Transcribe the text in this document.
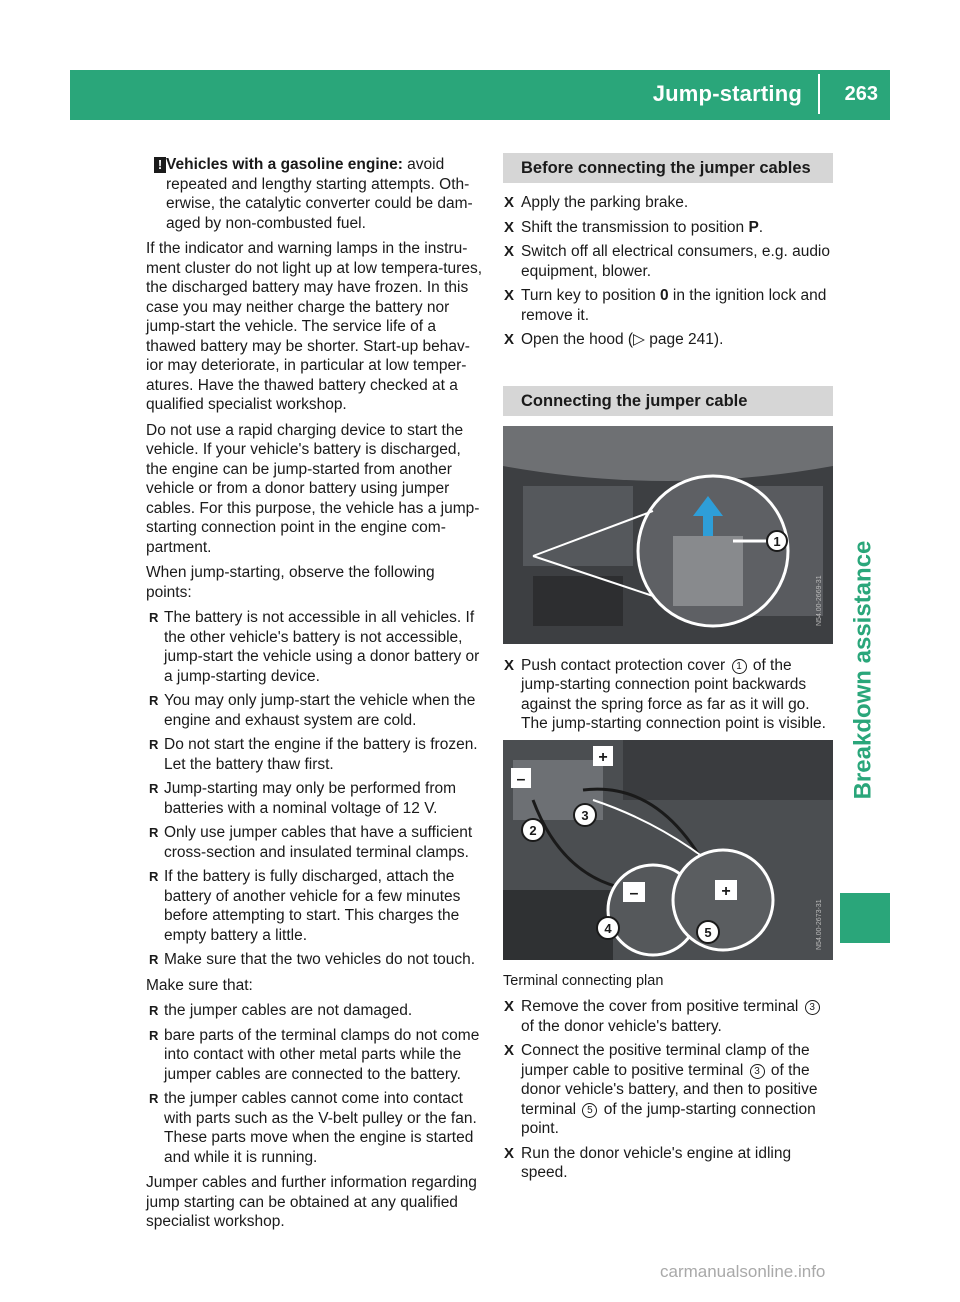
Jump-starting	263
Breakdown assistance
! Vehicles with a gasoline engine: avoid repeated and lengthy starting attempts. Oth-erwise, the catalytic converter could be dam-aged by non-combusted fuel.

If the indicator and warning lamps in the instru-ment cluster do not light up at low tempera-tures, the discharged battery may have frozen. In this case you may neither charge the battery nor jump-start the vehicle. The service life of a thawed battery may be shorter. Start-up behav-ior may deteriorate, in particular at low temper-atures. Have the thawed battery checked at a qualified specialist workshop.

Do not use a rapid charging device to start the vehicle. If your vehicle's battery is discharged, the engine can be jump-started from another vehicle or from a donor battery using jumper cables. For this purpose, the vehicle has a jump-starting connection point in the engine com-partment.

When jump-starting, observe the following points:

R The battery is not accessible in all vehicles. If the other vehicle's battery is not accessible, jump-start the vehicle using a donor battery or a jump-starting device.
R You may only jump-start the vehicle when the engine and exhaust system are cold.
R Do not start the engine if the battery is frozen. Let the battery thaw first.
R Jump-starting may only be performed from batteries with a nominal voltage of 12 V.
R Only use jumper cables that have a sufficient cross-section and insulated terminal clamps.
R If the battery is fully discharged, attach the battery of another vehicle for a few minutes before attempting to start. This charges the empty battery a little.
R Make sure that the two vehicles do not touch.

Make sure that:

R the jumper cables are not damaged.
R bare parts of the terminal clamps do not come into contact with other metal parts while the jumper cables are connected to the battery.
R the jumper cables cannot come into contact with parts such as the V-belt pulley or the fan. These parts move when the engine is started and while it is running.

Jumper cables and further information regarding jump starting can be obtained at any qualified specialist workshop.

Before connecting the jumper cables
X Apply the parking brake.
X Shift the transmission to position P.
X Switch off all electrical consumers, e.g. audio equipment, blower.
X Turn key to position 0 in the ignition lock and remove it.
X Open the hood (▷ page 241).
Connecting the jumper cable
1
N54.00-2669-31
X Push contact protection cover 1 of the jump-starting connection point backwards against the spring force as far as it will go.
The jump-starting connection point is visible.
–
+
–	+
2
3
4	5	N54.00-2673-31

Terminal connecting plan

X Remove the cover from positive terminal 3 of the donor vehicle's battery.
X Connect the positive terminal clamp of the jumper cable to positive terminal 3 of the donor vehicle's battery, and then to positive terminal 5 of the jump-starting connection point.
X Run the donor vehicle's engine at idling speed.
carmanualsonline.info
